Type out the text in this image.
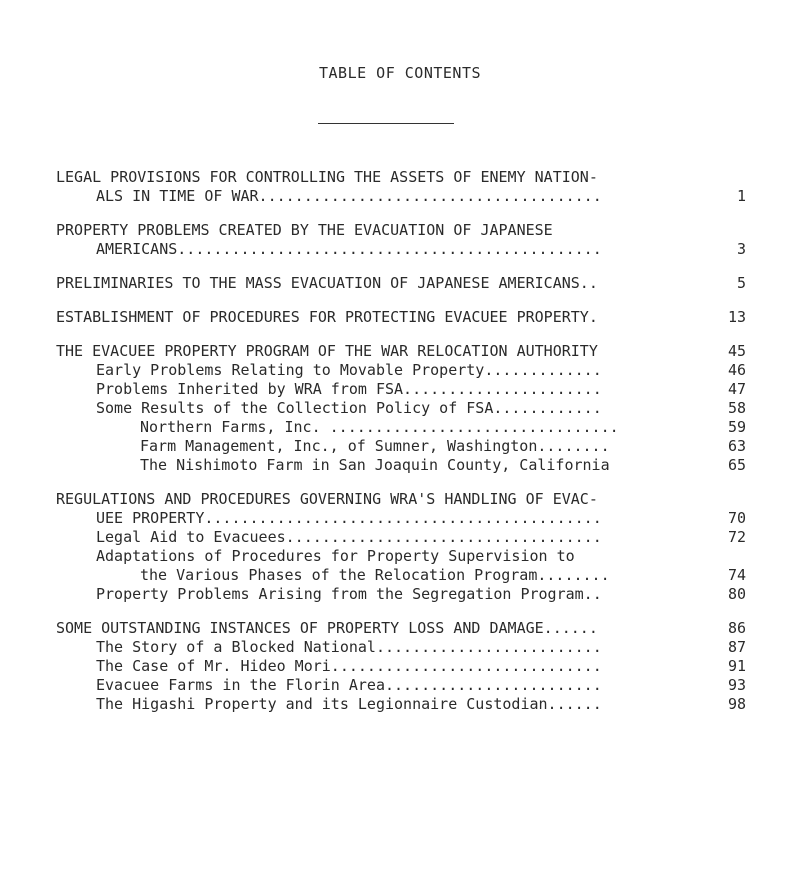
TABLE OF CONTENTS
LEGAL PROVISIONS FOR CONTROLLING THE ASSETS OF ENEMY NATION-
ALS IN TIME OF WAR......................................	1
PROPERTY PROBLEMS CREATED BY THE EVACUATION OF JAPANESE
AMERICANS...............................................	3
PRELIMINARIES TO THE MASS EVACUATION OF JAPANESE AMERICANS..	5
ESTABLISHMENT OF PROCEDURES FOR PROTECTING EVACUEE PROPERTY.	13
THE EVACUEE PROPERTY PROGRAM OF THE WAR RELOCATION AUTHORITY	45
Early Problems Relating to Movable Property.............	46
Problems Inherited by WRA from FSA......................	47
Some Results of the Collection Policy of FSA............	58
Northern Farms, Inc. ................................	59
Farm Management, Inc., of Sumner, Washington........	63
The Nishimoto Farm in San Joaquin County, California	65
REGULATIONS AND PROCEDURES GOVERNING WRA'S HANDLING OF EVAC-
UEE PROPERTY............................................	70
Legal Aid to Evacuees...................................	72
Adaptations of Procedures for Property Supervision to
the Various Phases of the Relocation Program........	74
Property Problems Arising from the Segregation Program..	80
SOME OUTSTANDING INSTANCES OF PROPERTY LOSS AND DAMAGE......	86
The Story of a Blocked National.........................	87
The Case of Mr. Hideo Mori..............................	91
Evacuee Farms in the Florin Area........................	93
The Higashi Property and its Legionnaire Custodian......	98
